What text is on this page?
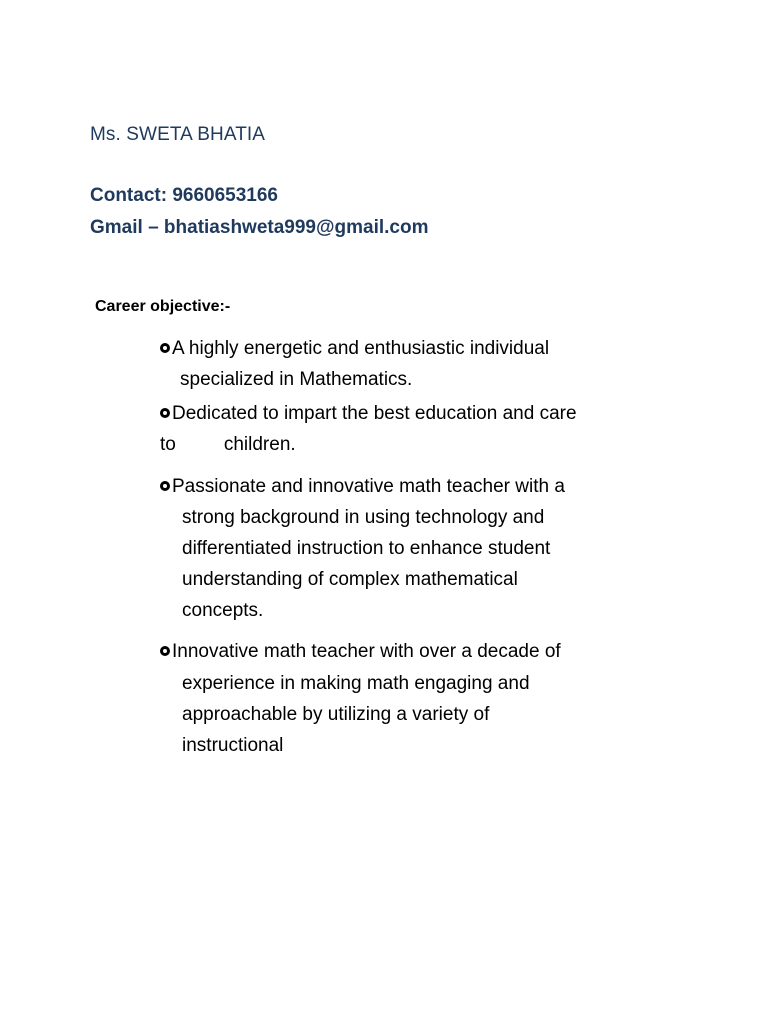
Ms. SWETA BHATIA
Contact: 9660653166
Gmail – bhatiashweta999@gmail.com
Career objective:-
A highly energetic and enthusiastic individual
specialized in Mathematics.
Dedicated to impart the best education and care
to	children.
Passionate and innovative math teacher with a
strong background in using technology and
differentiated instruction to enhance student
understanding of complex mathematical
concepts.
Innovative math teacher with over a decade of
experience in making math engaging and
approachable by utilizing a variety of
instructional
